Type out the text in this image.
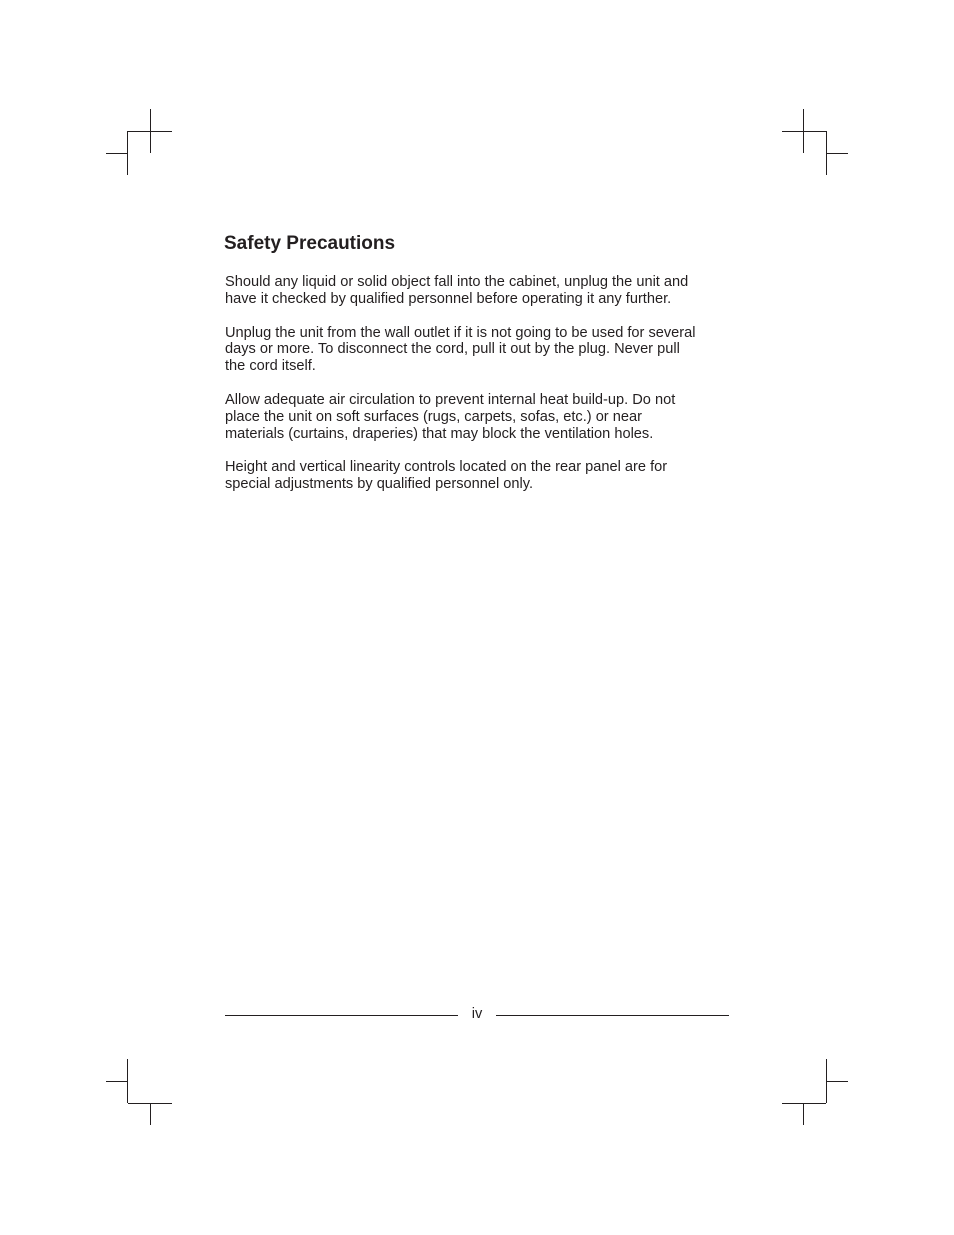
Safety Precautions

Should any liquid or solid object fall into the cabinet, unplug the unit and
have it checked by qualified personnel before operating it any further.

Unplug the unit from the wall outlet if it is not going to be used for several
days or more. To disconnect the cord, pull it out by the plug. Never pull
the cord itself.

Allow adequate air circulation to prevent internal heat build-up. Do not
place the unit on soft surfaces (rugs, carpets, sofas, etc.) or near
materials (curtains, draperies) that may block the ventilation holes.

Height and vertical linearity controls located on the rear panel are for
special adjustments by qualified personnel only.

iv
